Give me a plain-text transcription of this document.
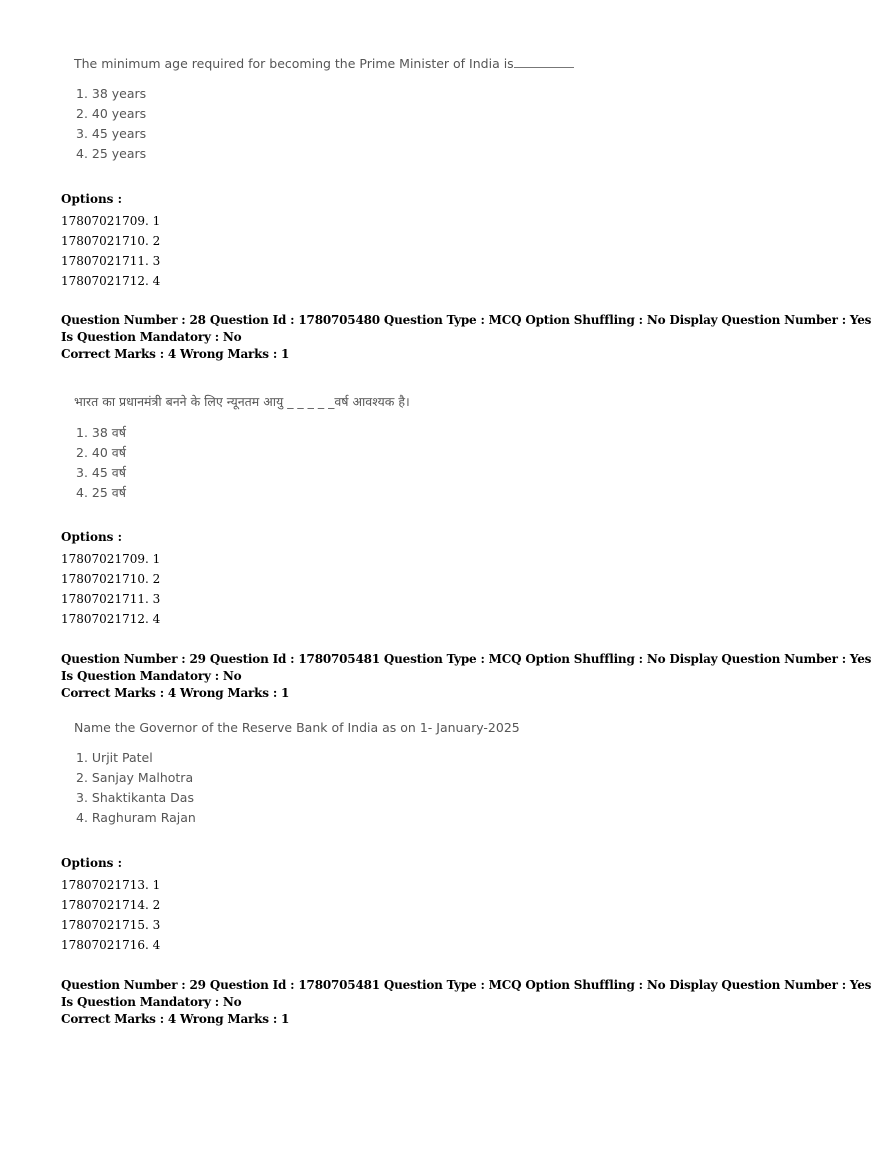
The minimum age required for becoming the Prime Minister of India is
1. 38 years
2. 40 years
3. 45 years
4. 25 years
Options :
17807021709. 1
17807021710. 2
17807021711. 3
17807021712. 4
Question Number : 28 Question Id : 1780705480 Question Type : MCQ Option Shuffling : No Display Question Number : Yes
Is Question Mandatory : No
Correct Marks : 4 Wrong Marks : 1
भारत का प्रधानमंत्री बनने के लिए न्यूनतम आयु _ _ _ _ _वर्ष आवश्यक है।
1. 38 वर्ष
2. 40 वर्ष
3. 45 वर्ष
4. 25 वर्ष
Options :
17807021709. 1
17807021710. 2
17807021711. 3
17807021712. 4
Question Number : 29 Question Id : 1780705481 Question Type : MCQ Option Shuffling : No Display Question Number : Yes
Is Question Mandatory : No
Correct Marks : 4 Wrong Marks : 1
Name the Governor of the Reserve Bank of India as on 1- January-2025
1. Urjit Patel
2. Sanjay Malhotra
3. Shaktikanta Das
4. Raghuram Rajan
Options :
17807021713. 1
17807021714. 2
17807021715. 3
17807021716. 4
Question Number : 29 Question Id : 1780705481 Question Type : MCQ Option Shuffling : No Display Question Number : Yes
Is Question Mandatory : No
Correct Marks : 4 Wrong Marks : 1
